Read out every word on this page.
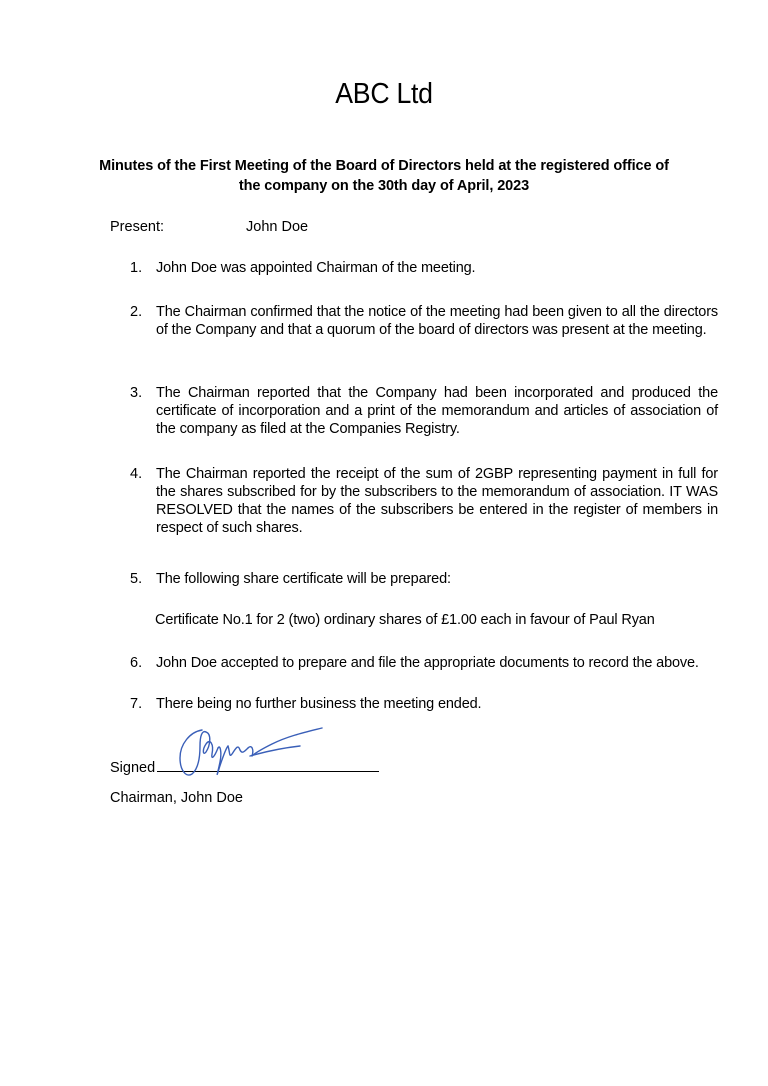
ABC Ltd
Minutes of the First Meeting of the Board of Directors held at the registered office of
the company on the 30th day of April, 2023
Present:	John Doe
1. John Doe was appointed Chairman of the meeting.
2. The Chairman confirmed that the notice of the meeting had been given to all the directors of the Company and that a quorum of the board of directors was present at the meeting.
3. The Chairman reported that the Company had been incorporated and produced the certificate of incorporation and a print of the memorandum and articles of association of the company as filed at the Companies Registry.
4. The Chairman reported the receipt of the sum of 2GBP representing payment in full for the shares subscribed for by the subscribers to the memorandum of association. IT WAS RESOLVED that the names of the subscribers be entered in the register of members in respect of such shares.
5. The following share certificate will be prepared:
Certificate No.1 for 2 (two) ordinary shares of £1.00 each in favour of Paul Ryan
6. John Doe accepted to prepare and file the appropriate documents to record the above.
7. There being no further business the meeting ended.
Signed
Chairman, John Doe
